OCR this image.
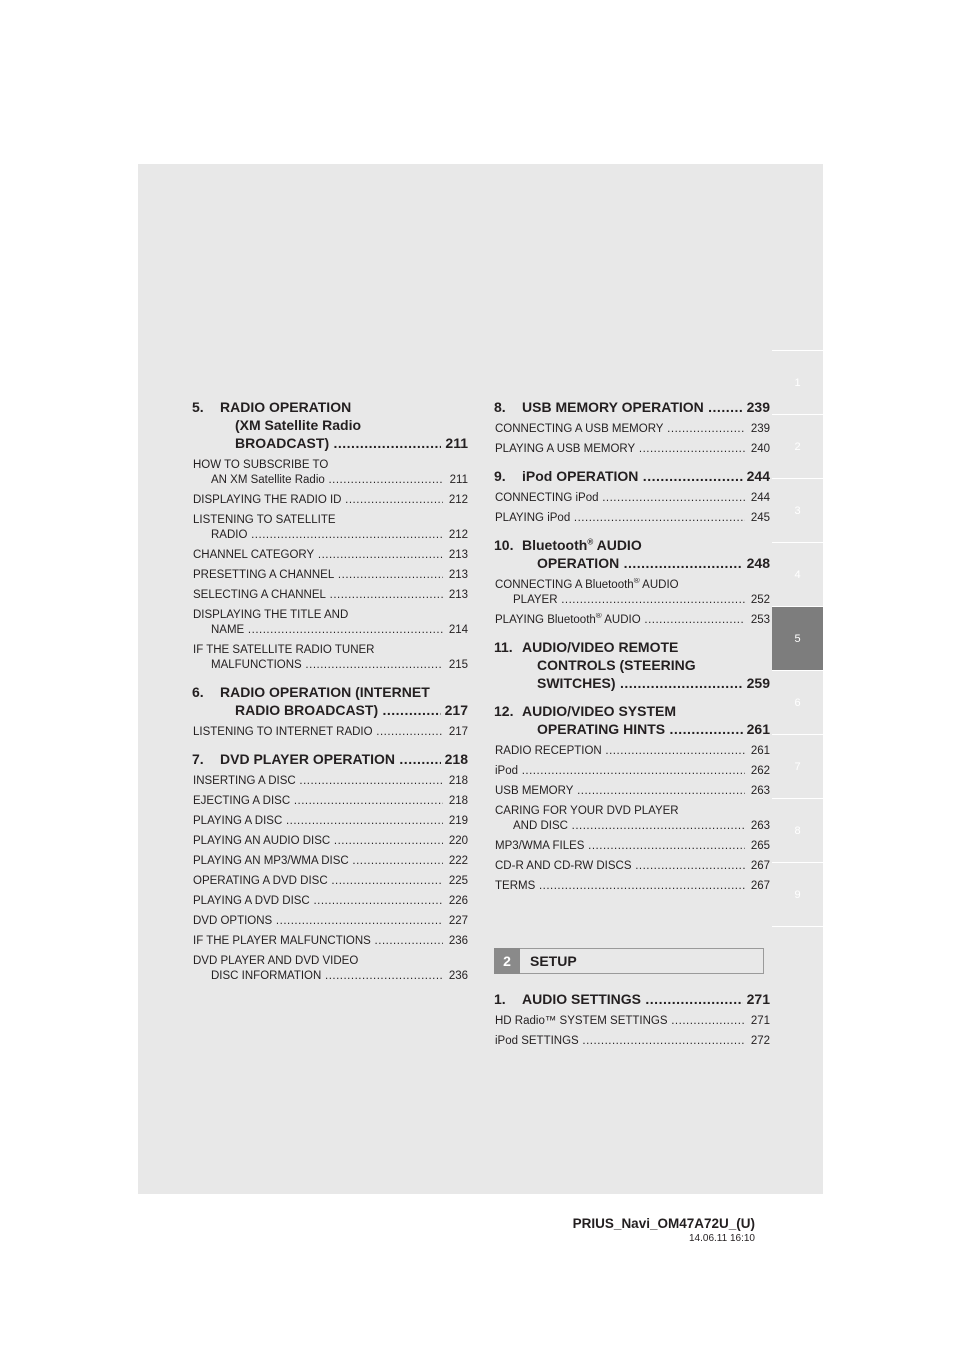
1
2
3
4
5
6
7
8
9
5. RADIO OPERATION
(XM Satellite Radio
BROADCAST) .....	211
HOW TO SUBSCRIBE TO
AN XM Satellite Radio .....	211
DISPLAYING THE RADIO ID .....	212
LISTENING TO SATELLITE
RADIO .....	212
CHANNEL CATEGORY .....	213
PRESETTING A CHANNEL .....	213
SELECTING A CHANNEL .....	213
DISPLAYING THE TITLE AND
NAME .....	214
IF THE SATELLITE RADIO TUNER
MALFUNCTIONS .....	215
6. RADIO OPERATION (INTERNET
RADIO BROADCAST) .....	217
LISTENING TO INTERNET RADIO .....	217
7. DVD PLAYER OPERATION .....	218
INSERTING A DISC .....	218
EJECTING A DISC .....	218
PLAYING A DISC .....	219
PLAYING AN AUDIO DISC .....	220
PLAYING AN MP3/WMA DISC .....	222
OPERATING A DVD DISC .....	225
PLAYING A DVD DISC .....	226
DVD OPTIONS .....	227
IF THE PLAYER MALFUNCTIONS .....	236
DVD PLAYER AND DVD VIDEO
DISC INFORMATION .....	236
8. USB MEMORY OPERATION .....	239
CONNECTING A USB MEMORY .....	239
PLAYING A USB MEMORY .....	240
9. iPod OPERATION .....	244
CONNECTING iPod .....	244
PLAYING iPod .....	245
10. Bluetooth® AUDIO
OPERATION .....	248
CONNECTING A Bluetooth® AUDIO
PLAYER .....	252
PLAYING Bluetooth® AUDIO .....	253
11. AUDIO/VIDEO REMOTE
CONTROLS (STEERING
SWITCHES) .....	259
12. AUDIO/VIDEO SYSTEM
OPERATING HINTS .....	261
RADIO RECEPTION .....	261
iPod .....	262
USB MEMORY .....	263
CARING FOR YOUR DVD PLAYER
AND DISC .....	263
MP3/WMA FILES .....	265
CD-R AND CD-RW DISCS .....	267
TERMS .....	267
2	SETUP
1. AUDIO SETTINGS .....	271
HD Radio™ SYSTEM SETTINGS .....	271
iPod SETTINGS .....	272
PRIUS_Navi_OM47A72U_(U)
14.06.11 16:10
